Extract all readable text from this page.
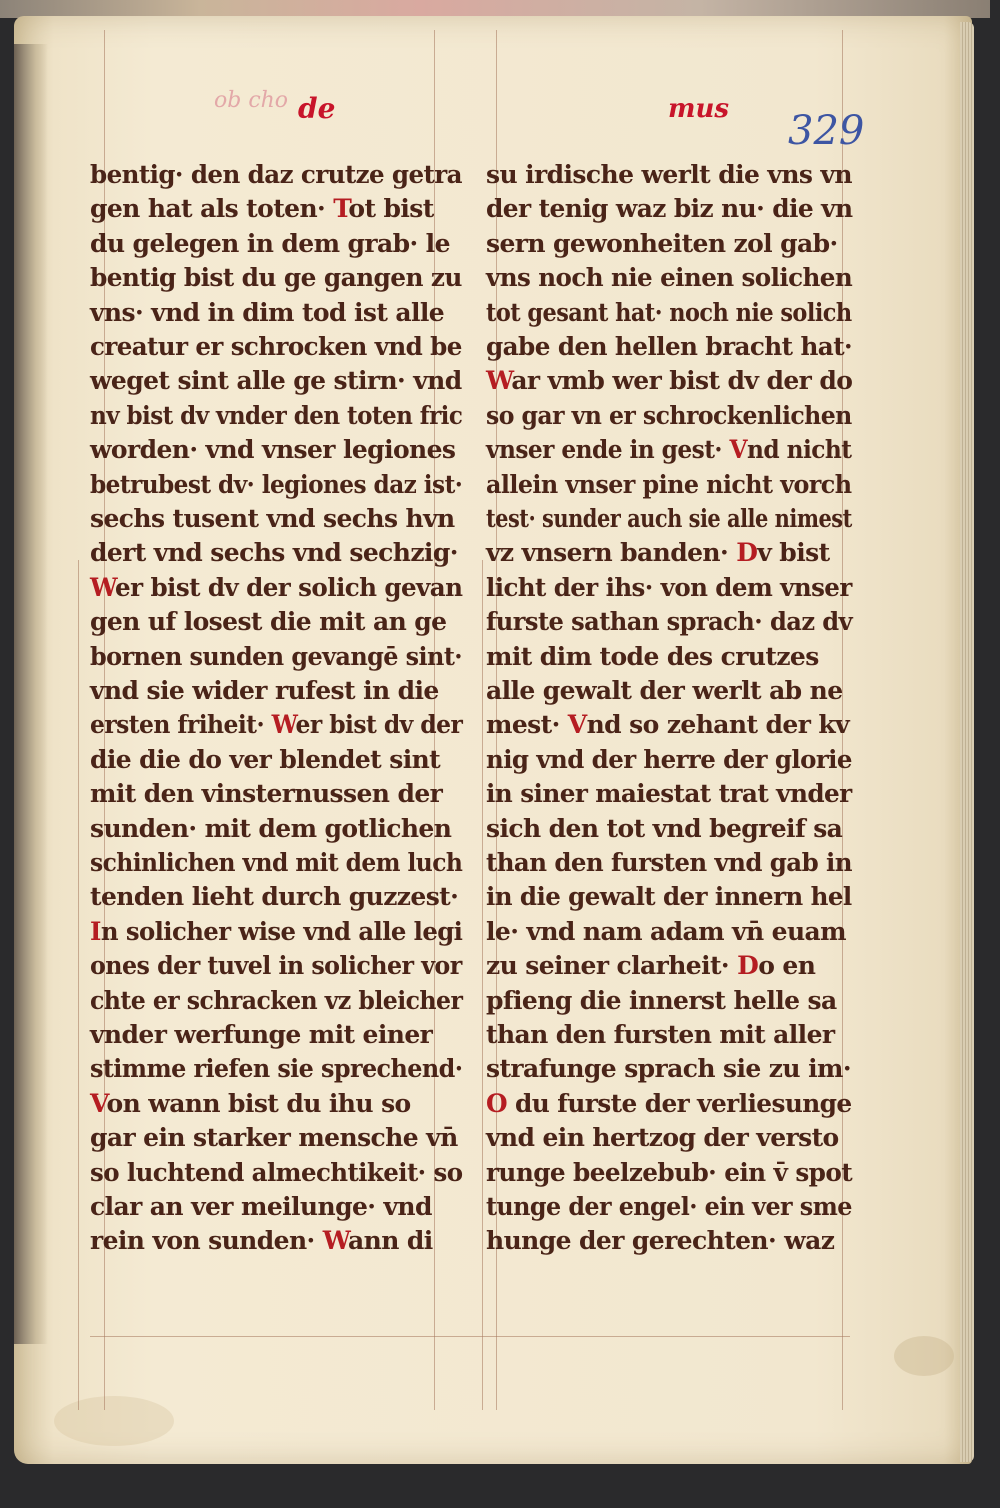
ob cho de	mus 329
bentig· den daz crutze getra
gen hat als toten· Tot bist
du gelegen in dem grab· le
bentig bist du ge gangen zu
vns· vnd in dim tod ist alle
creatur er schrocken vnd be
weget sint alle ge stirn· vnd
nv bist dv vnder den toten fric
worden· vnd vnser legiones
betrubest dv· legiones daz ist·
sechs tusent vnd sechs hvn
dert vnd sechs vnd sechzig·
Wer bist dv der solich gevan
gen uf losest die mit an ge
bornen sunden gevangē sint·
vnd sie wider rufest in die
ersten friheit· Wer bist dv der
die die do ver blendet sint
mit den vinsternussen der
sunden· mit dem gotlichen
schinlichen vnd mit dem luch
tenden lieht durch guzzest·
In solicher wise vnd alle legi
ones der tuvel in solicher vor
chte er schracken vz bleicher
vnder werfunge mit einer
stimme riefen sie sprechend·
Von wann bist du ihu so
gar ein starker mensche vn̄
so luchtend almechtikeit· so
clar an ver meilunge· vnd
rein von sunden· Wann di
su irdische werlt die vns vn
der tenig waz biz nu· die vn
sern gewonheiten zol gab·
vns noch nie einen solichen
tot gesant hat· noch nie solich
gabe den hellen bracht hat·
War vmb wer bist dv der do
so gar vn er schrockenlichen
vnser ende in gest· Vnd nicht
allein vnser pine nicht vorch
test· sunder auch sie alle nimest
vz vnsern banden· Dv bist
licht der ihs· von dem vnser
furste sathan sprach· daz dv
mit dim tode des crutzes
alle gewalt der werlt ab ne
mest· Vnd so zehant der kv
nig vnd der herre der glorie
in siner maiestat trat vnder
sich den tot vnd begreif sa
than den fursten vnd gab in
in die gewalt der innern hel
le· vnd nam adam vn̄ euam
zu seiner clarheit· Do en
pfieng die innerst helle sa
than den fursten mit aller
strafunge sprach sie zu im·
O du furste der verliesunge
vnd ein hertzog der versto
runge beelzebub· ein v̄ spot
tunge der engel· ein ver sme
hunge der gerechten· waz
